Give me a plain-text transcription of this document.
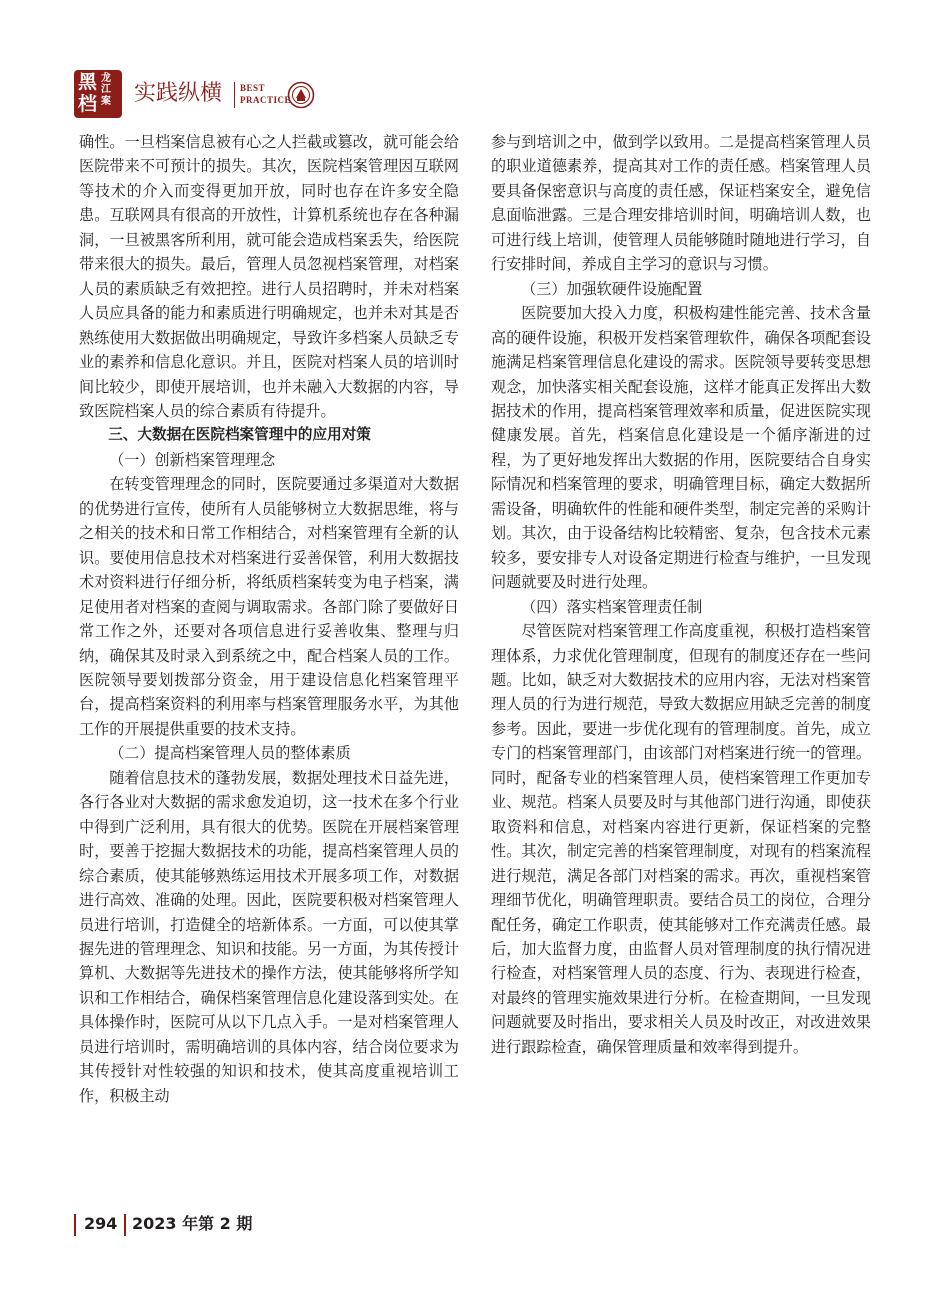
黑
档
龙江
案	实践纵横 BEST
PRACTICE

确性。一旦档案信息被有心之人拦截或篡改，就可能会给医院带来不可预计的损失。其次，医院档案管理因互联网等技术的介入而变得更加开放，同时也存在许多安全隐患。互联网具有很高的开放性，计算机系统也存在各种漏洞，一旦被黑客所利用，就可能会造成档案丢失，给医院带来很大的损失。最后，管理人员忽视档案管理，对档案人员的素质缺乏有效把控。进行人员招聘时，并未对档案人员应具备的能力和素质进行明确规定，也并未对其是否熟练使用大数据做出明确规定，导致许多档案人员缺乏专业的素养和信息化意识。并且，医院对档案人员的培训时间比较少，即使开展培训，也并未融入大数据的内容，导致医院档案人员的综合素质有待提升。

三、大数据在医院档案管理中的应用对策

（一）创新档案管理理念

在转变管理理念的同时，医院要通过多渠道对大数据的优势进行宣传，使所有人员能够树立大数据思维，将与之相关的技术和日常工作相结合，对档案管理有全新的认识。要使用信息技术对档案进行妥善保管，利用大数据技术对资料进行仔细分析，将纸质档案转变为电子档案，满足使用者对档案的查阅与调取需求。各部门除了要做好日常工作之外，还要对各项信息进行妥善收集、整理与归纳，确保其及时录入到系统之中，配合档案人员的工作。医院领导要划拨部分资金，用于建设信息化档案管理平台，提高档案资料的利用率与档案管理服务水平，为其他工作的开展提供重要的技术支持。

（二）提高档案管理人员的整体素质

随着信息技术的蓬勃发展，数据处理技术日益先进，各行各业对大数据的需求愈发迫切，这一技术在多个行业中得到广泛利用，具有很大的优势。医院在开展档案管理时，要善于挖掘大数据技术的功能，提高档案管理人员的综合素质，使其能够熟练运用技术开展多项工作，对数据进行高效、准确的处理。因此，医院要积极对档案管理人员进行培训，打造健全的培新体系。一方面，可以使其掌握先进的管理理念、知识和技能。另一方面，为其传授计算机、大数据等先进技术的操作方法，使其能够将所学知识和工作相结合，确保档案管理信息化建设落到实处。在具体操作时，医院可从以下几点入手。一是对档案管理人员进行培训时，需明确培训的具体内容，结合岗位要求为其传授针对性较强的知识和技术，使其高度重视培训工作，积极主动

参与到培训之中，做到学以致用。二是提高档案管理人员的职业道德素养，提高其对工作的责任感。档案管理人员要具备保密意识与高度的责任感，保证档案安全，避免信息面临泄露。三是合理安排培训时间，明确培训人数，也可进行线上培训，使管理人员能够随时随地进行学习，自行安排时间，养成自主学习的意识与习惯。

（三）加强软硬件设施配置

医院要加大投入力度，积极构建性能完善、技术含量高的硬件设施，积极开发档案管理软件，确保各项配套设施满足档案管理信息化建设的需求。医院领导要转变思想观念，加快落实相关配套设施，这样才能真正发挥出大数据技术的作用，提高档案管理效率和质量，促进医院实现健康发展。首先，档案信息化建设是一个循序渐进的过程，为了更好地发挥出大数据的作用，医院要结合自身实际情况和档案管理的要求，明确管理目标，确定大数据所需设备，明确软件的性能和硬件类型，制定完善的采购计划。其次，由于设备结构比较精密、复杂，包含技术元素较多，要安排专人对设备定期进行检查与维护，一旦发现问题就要及时进行处理。

（四）落实档案管理责任制

尽管医院对档案管理工作高度重视，积极打造档案管理体系，力求优化管理制度，但现有的制度还存在一些问题。比如，缺乏对大数据技术的应用内容，无法对档案管理人员的行为进行规范，导致大数据应用缺乏完善的制度参考。因此，要进一步优化现有的管理制度。首先，成立专门的档案管理部门，由该部门对档案进行统一的管理。同时，配备专业的档案管理人员，使档案管理工作更加专业、规范。档案人员要及时与其他部门进行沟通，即使获取资料和信息，对档案内容进行更新，保证档案的完整性。其次，制定完善的档案管理制度，对现有的档案流程进行规范，满足各部门对档案的需求。再次，重视档案管理细节优化，明确管理职责。要结合员工的岗位，合理分配任务，确定工作职责，使其能够对工作充满责任感。最后，加大监督力度，由监督人员对管理制度的执行情况进行检查，对档案管理人员的态度、行为、表现进行检查，对最终的管理实施效果进行分析。在检查期间，一旦发现问题就要及时指出，要求相关人员及时改正，对改进效果进行跟踪检查，确保管理质量和效率得到提升。

294 2023 年第 2 期
